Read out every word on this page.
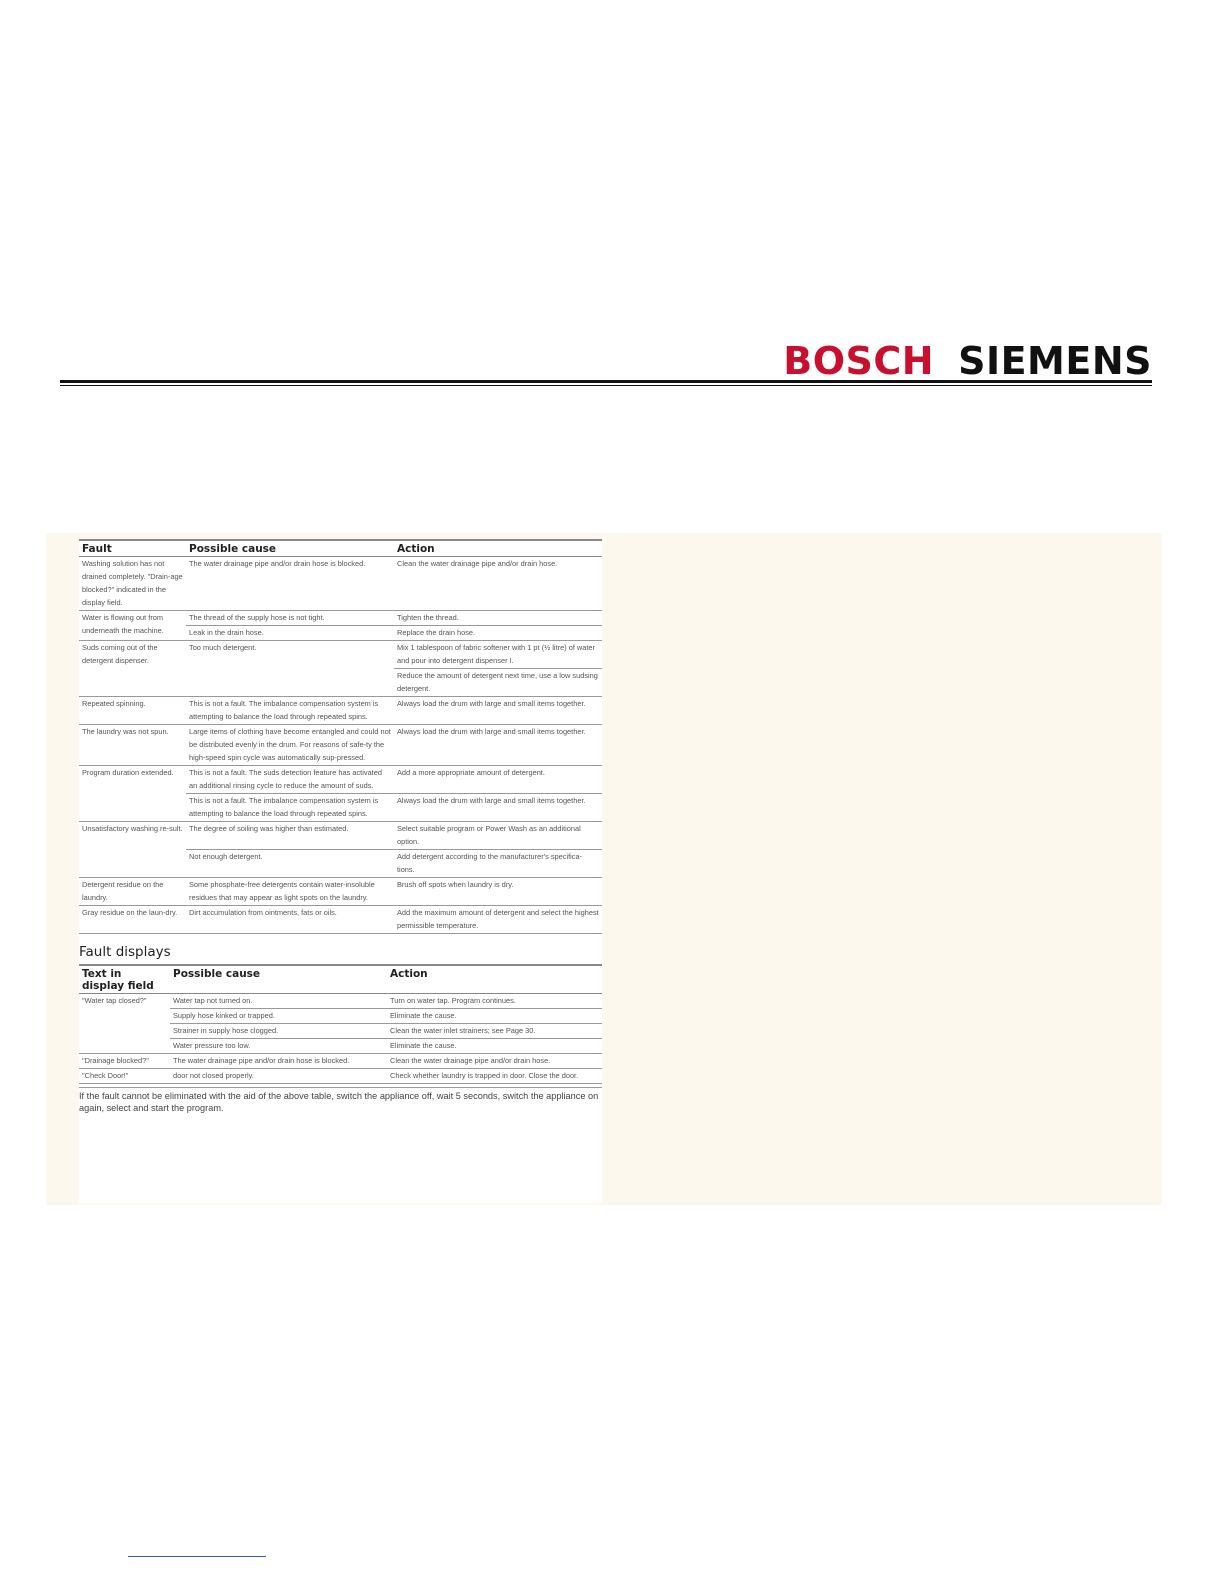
BOSCH SIEMENS
Fault	Possible cause	Action
Washing solution has not drained completely. "Drain-age blocked?" indicated in the display field.	The water drainage pipe and/or drain hose is blocked.	Clean the water drainage pipe and/or drain hose.
Water is flowing out from underneath the machine.	The thread of the supply hose is not tight.	Tighten the thread.
	Leak in the drain hose.	Replace the drain hose.
Suds coming out of the detergent dispenser.	Too much detergent.	Mix 1 tablespoon of fabric softener with 1 pt (½ litre) of water and pour into detergent dispenser I.
		Reduce the amount of detergent next time, use a low sudsing detergent.
Repeated spinning.	This is not a fault. The imbalance compensation system is attempting to balance the load through repeated spins.	Always load the drum with large and small items together.
The laundry was not spun.	Large items of clothing have become entangled and could not be distributed evenly in the drum. For reasons of safe-ty the high-speed spin cycle was automatically sup-pressed.	Always load the drum with large and small items together.
Program duration extended.	This is not a fault. The suds detection feature has activated an additional rinsing cycle to reduce the amount of suds.	Add a more appropriate amount of detergent.
	This is not a fault. The imbalance compensation system is attempting to balance the load through repeated spins.	Always load the drum with large and small items together.
Unsatisfactory washing re-sult.	The degree of soiling was higher than estimated.	Select suitable program or Power Wash as an additional option.
	Not enough detergent.	Add detergent according to the manufacturer's specifica-tions.
Detergent residue on the laundry.	Some phosphate-free detergents contain water-insoluble residues that may appear as light spots on the laundry.	Brush off spots when laundry is dry.
Gray residue on the laun-dry.	Dirt accumulation from ointments, fats or oils.	Add the maximum amount of detergent and select the highest permissible temperature.
Fault displays
Text in display field	Possible cause	Action
"Water tap closed?"	Water tap not turned on.	Turn on water tap. Program continues.
	Supply hose kinked or trapped.	Eliminate the cause.
	Strainer in supply hose clogged.	Clean the water inlet strainers; see Page 30.
	Water pressure too low.	Eliminate the cause.
"Drainage blocked?"	The water drainage pipe and/or drain hose is blocked.	Clean the water drainage pipe and/or drain hose.
"Check Door!"	door not closed properly.	Check whether laundry is trapped in door. Close the door.
If the fault cannot be eliminated with the aid of the above table, switch the appliance off, wait 5 seconds, switch the appliance on again, select and start the program.
